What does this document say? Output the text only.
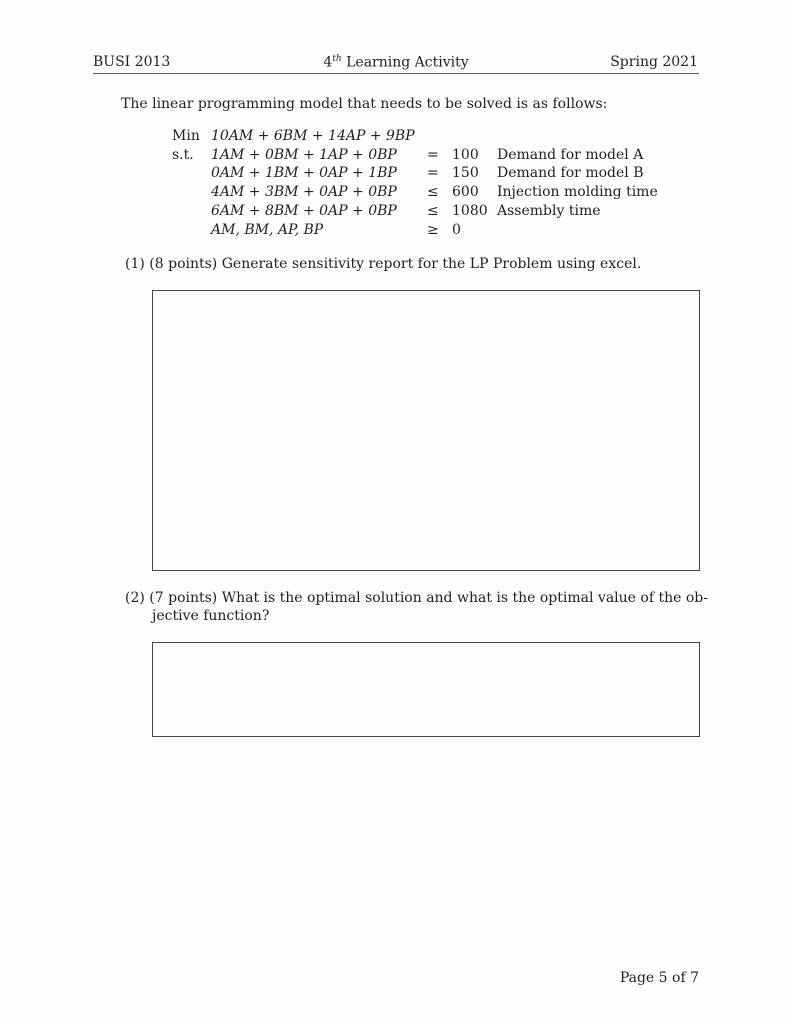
BUSI 2013	4th Learning Activity	Spring 2021
The linear programming model that needs to be solved is as follows:
Min 10AM + 6BM + 14AP + 9BP
s.t. 1AM + 0BM + 1AP + 0BP = 100 Demand for model A
0AM + 1BM + 0AP + 1BP = 150 Demand for model B
4AM + 3BM + 0AP + 0BP ≤ 600 Injection molding time
6AM + 8BM + 0AP + 0BP ≤ 1080 Assembly time
AM, BM, AP, BP	≥ 0
(1) (8 points) Generate sensitivity report for the LP Problem using excel.
(2) (7 points) What is the optimal solution and what is the optimal value of the ob-
jective function?
Page 5 of 7
